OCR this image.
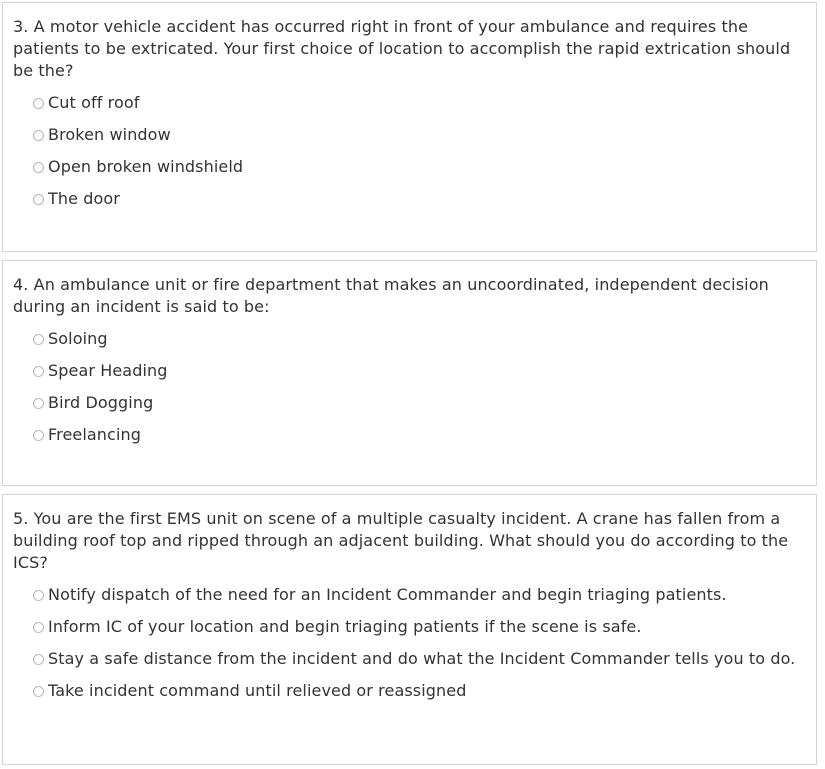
3. A motor vehicle accident has occurred right in front of your ambulance and requires the patients to be extricated. Your first choice of location to accomplish the rapid extrication should be the?

Cut off roof
Broken window
Open broken windshield
The door

4. An ambulance unit or fire department that makes an uncoordinated, independent decision during an incident is said to be:

Soloing
Spear Heading
Bird Dogging
Freelancing

5. You are the first EMS unit on scene of a multiple casualty incident. A crane has fallen from a building roof top and ripped through an adjacent building. What should you do according to the ICS?

Notify dispatch of the need for an Incident Commander and begin triaging patients.
Inform IC of your location and begin triaging patients if the scene is safe.
Stay a safe distance from the incident and do what the Incident Commander tells you to do.
Take incident command until relieved or reassigned
